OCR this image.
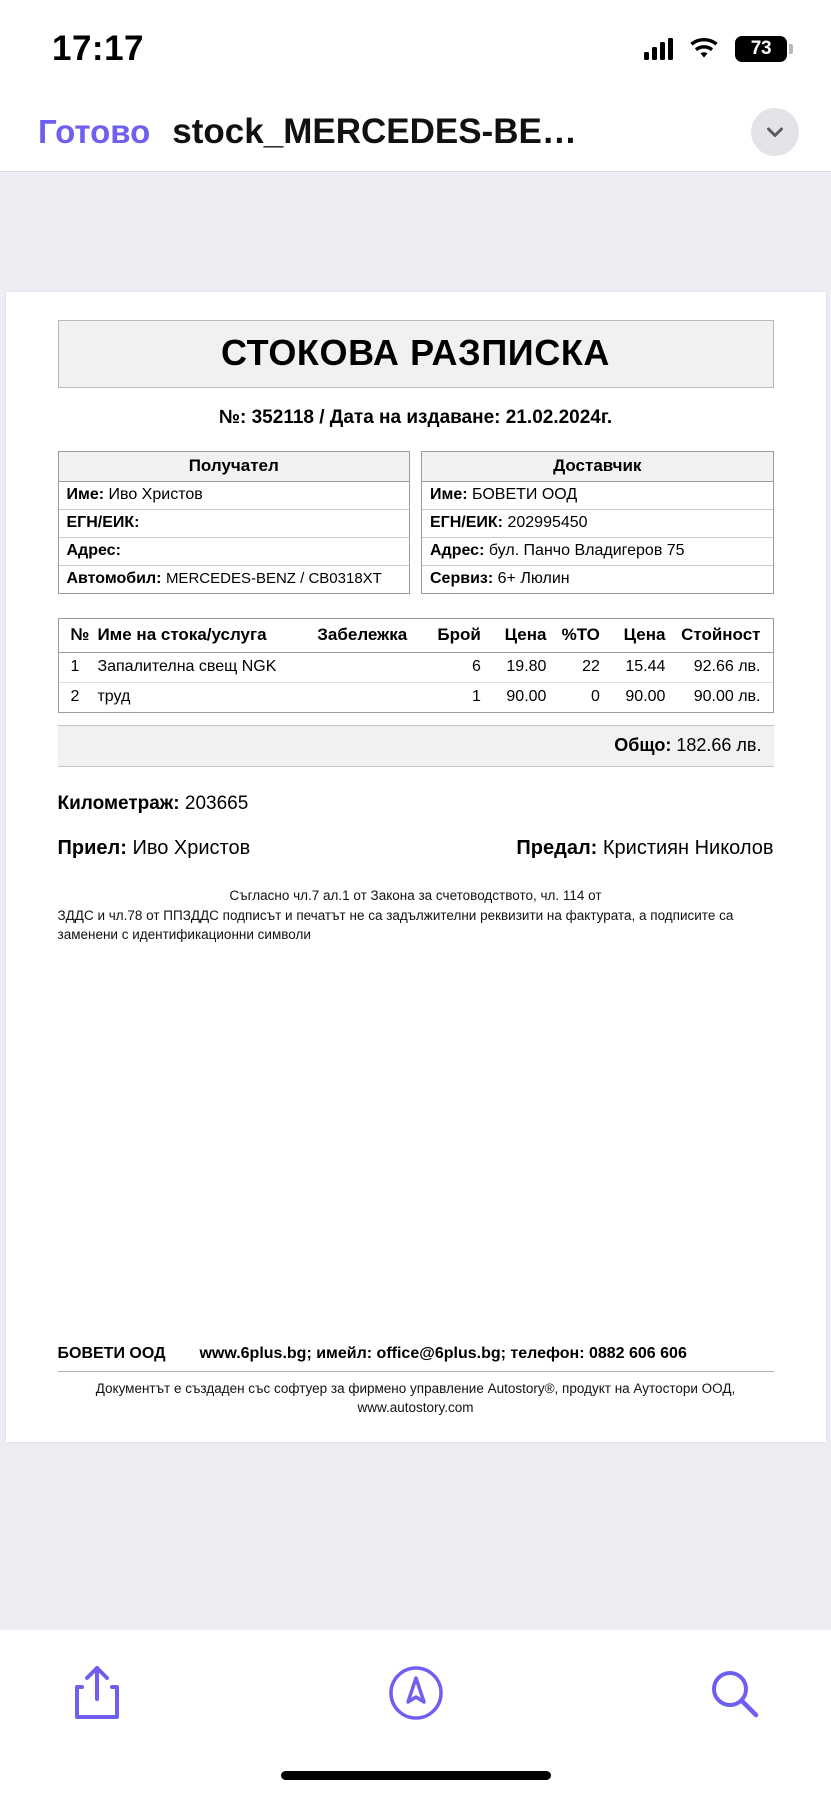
17:17	73
Готово stock_MERCEDES-BE…
СТОКОВА РАЗПИСКА
№: 352118 / Дата на издаване: 21.02.2024г.
Получател
Име: Иво Христов
ЕГН/ЕИК:
Адрес:
Автомобил: MERCEDES-BENZ / CB0318XT
Доставчик
Име: БОВЕТИ ООД
ЕГН/ЕИК: 202995450
Адрес: бул. Панчо Владигеров 75
Сервиз: 6+ Люлин
№	Име на стока/услуга	Забележка	Брой	Цена	%ТО	Цена	Стойност
1	Запалителна свещ NGK		6	19.80	22	15.44	92.66 лв.
2	труд		1	90.00	0	90.00	90.00 лв.
Общо: 182.66 лв.
Километраж: 203665
Приел: Иво Христов	Предал: Кристиян Николов
Съгласно чл.7 ал.1 от Закона за счетоводството, чл. 114 от
ЗДДС и чл.78 от ППЗДДС подписът и печатът не са задължителни реквизити на фактурата, а подписите са заменени с идентификационни символи
БОВЕТИ ООД www.6plus.bg; имейл: office@6plus.bg; телефон: 0882 606 606
Документът е създаден със софтуер за фирмено управление Autostory®, продукт на Аутостори ООД,
www.autostory.com
